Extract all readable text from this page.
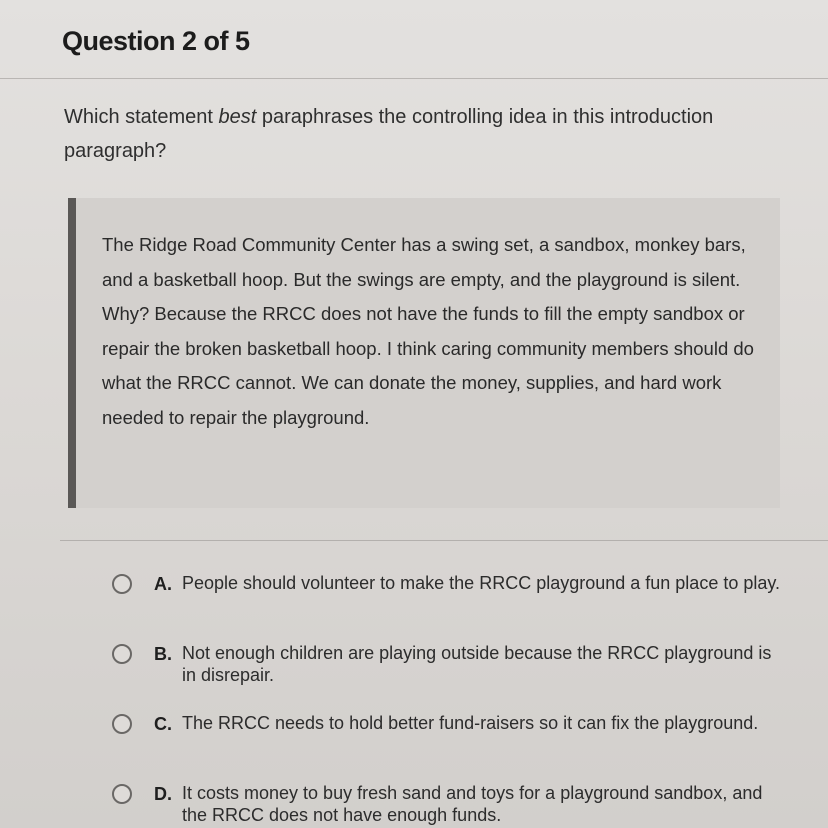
Question 2 of 5
Which statement best paraphrases the controlling idea in this introduction paragraph?
The Ridge Road Community Center has a swing set, a sandbox, monkey bars, and a basketball hoop. But the swings are empty, and the playground is silent. Why? Because the RRCC does not have the funds to fill the empty sandbox or repair the broken basketball hoop. I think caring community members should do what the RRCC cannot. We can donate the money, supplies, and hard work needed to repair the playground.
A. People should volunteer to make the RRCC playground a fun place to play.
B. Not enough children are playing outside because the RRCC playground is in disrepair.
C. The RRCC needs to hold better fund-raisers so it can fix the playground.
D. It costs money to buy fresh sand and toys for a playground sandbox, and the RRCC does not have enough funds.
